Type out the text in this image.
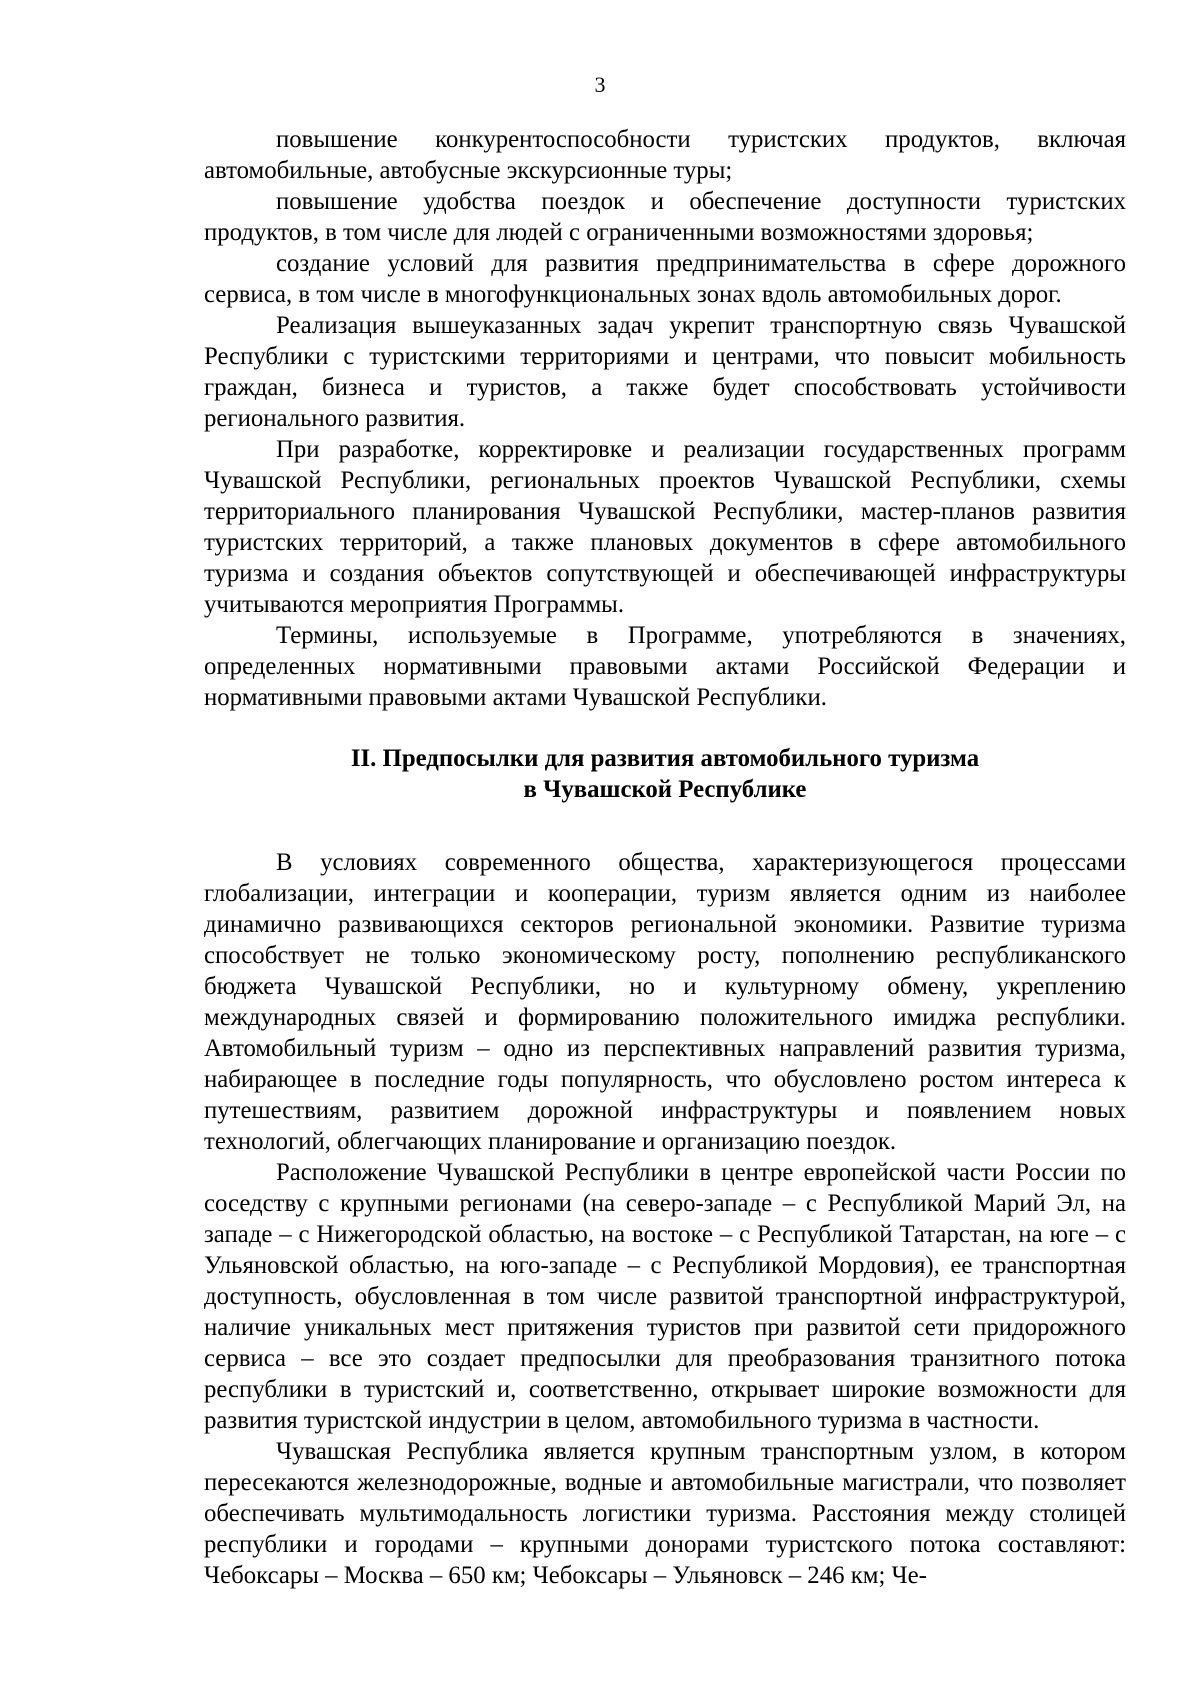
3

повышение конкурентоспособности туристских продуктов, включая автомобильные, автобусные экскурсионные туры;

повышение удобства поездок и обеспечение доступности туристских продуктов, в том числе для людей с ограниченными возможностями здоровья;

создание условий для развития предпринимательства в сфере дорожного сервиса, в том числе в многофункциональных зонах вдоль автомобильных дорог.

Реализация вышеуказанных задач укрепит транспортную связь Чувашской Республики с туристскими территориями и центрами, что повысит мобильность граждан, бизнеса и туристов, а также будет способствовать устойчивости регионального развития.

При разработке, корректировке и реализации государственных программ Чувашской Республики, региональных проектов Чувашской Республики, схемы территориального планирования Чувашской Республики, мастер-планов развития туристских территорий, а также плановых документов в сфере автомобильного туризма и создания объектов сопутствующей и обеспечивающей инфраструктуры учитываются мероприятия Программы.

Термины, используемые в Программе, употребляются в значениях, определенных нормативными правовыми актами Российской Федерации и нормативными правовыми актами Чувашской Республики.

II. Предпосылки для развития автомобильного туризма
в Чувашской Республике

В условиях современного общества, характеризующегося процессами глобализации, интеграции и кооперации, туризм является одним из наиболее динамично развивающихся секторов региональной экономики. Развитие туризма способствует не только экономическому росту, пополнению республиканского бюджета Чувашской Республики, но и культурному обмену, укреплению международных связей и формированию положительного имиджа республики. Автомобильный туризм – одно из перспективных направлений развития туризма, набирающее в последние годы популярность, что обусловлено ростом интереса к путешествиям, развитием дорожной инфраструктуры и появлением новых технологий, облегчающих планирование и организацию поездок.

Расположение Чувашской Республики в центре европейской части России по соседству с крупными регионами (на северо-западе – с Республикой Марий Эл, на западе – с Нижегородской областью, на востоке – с Республикой Татарстан, на юге – с Ульяновской областью, на юго-западе – с Республикой Мордовия), ее транспортная доступность, обусловленная в том числе развитой транспортной инфраструктурой, наличие уникальных мест притяжения туристов при развитой сети придорожного сервиса – все это создает предпосылки для преобразования транзитного потока республики в туристский и, соответственно, открывает широкие возможности для развития туристской индустрии в целом, автомобильного туризма в частности.

Чувашская Республика является крупным транспортным узлом, в котором пересекаются железнодорожные, водные и автомобильные магистрали, что позволяет обеспечивать мультимодальность логистики туризма. Расстояния между столицей республики и городами – крупными донорами туристского потока составляют: Чебоксары – Москва – 650 км; Чебоксары – Ульяновск – 246 км; Че-
